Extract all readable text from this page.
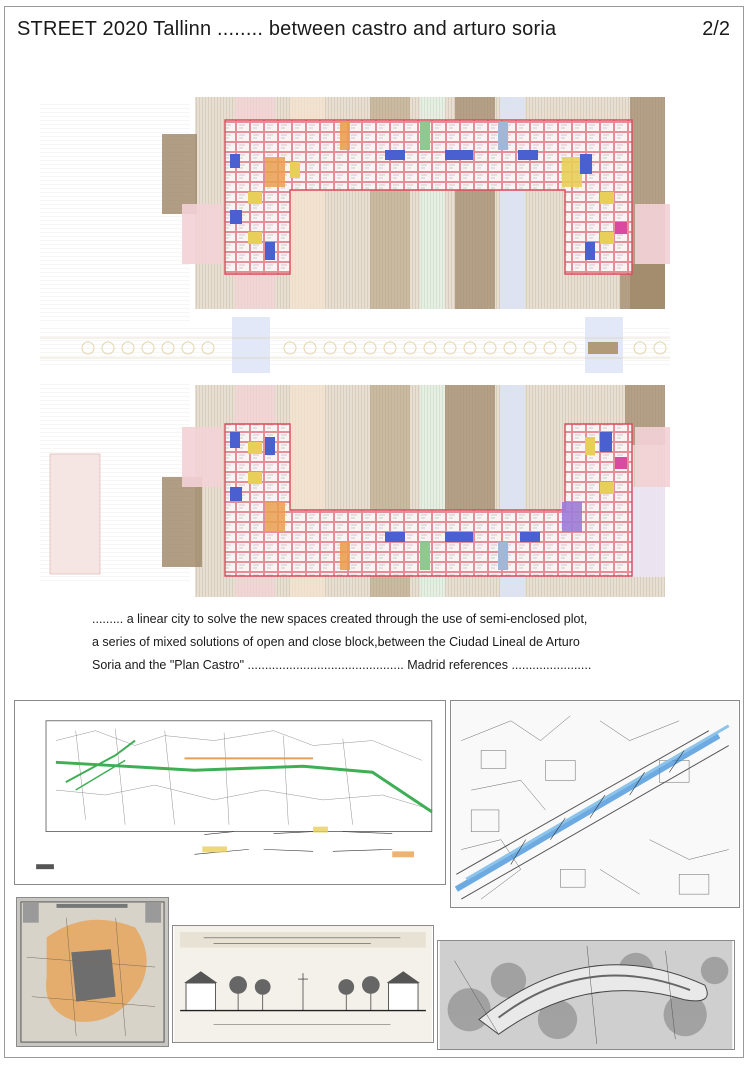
STREET 2020 Tallinn ........ between castro and arturo soria	2/2
......... a linear city to solve the new spaces created through the use of semi-enclosed plot,
a series of mixed solutions of open and close block,between the Ciudad Lineal de Arturo
Soria and the "Plan Castro" ............................................. Madrid references .......................
